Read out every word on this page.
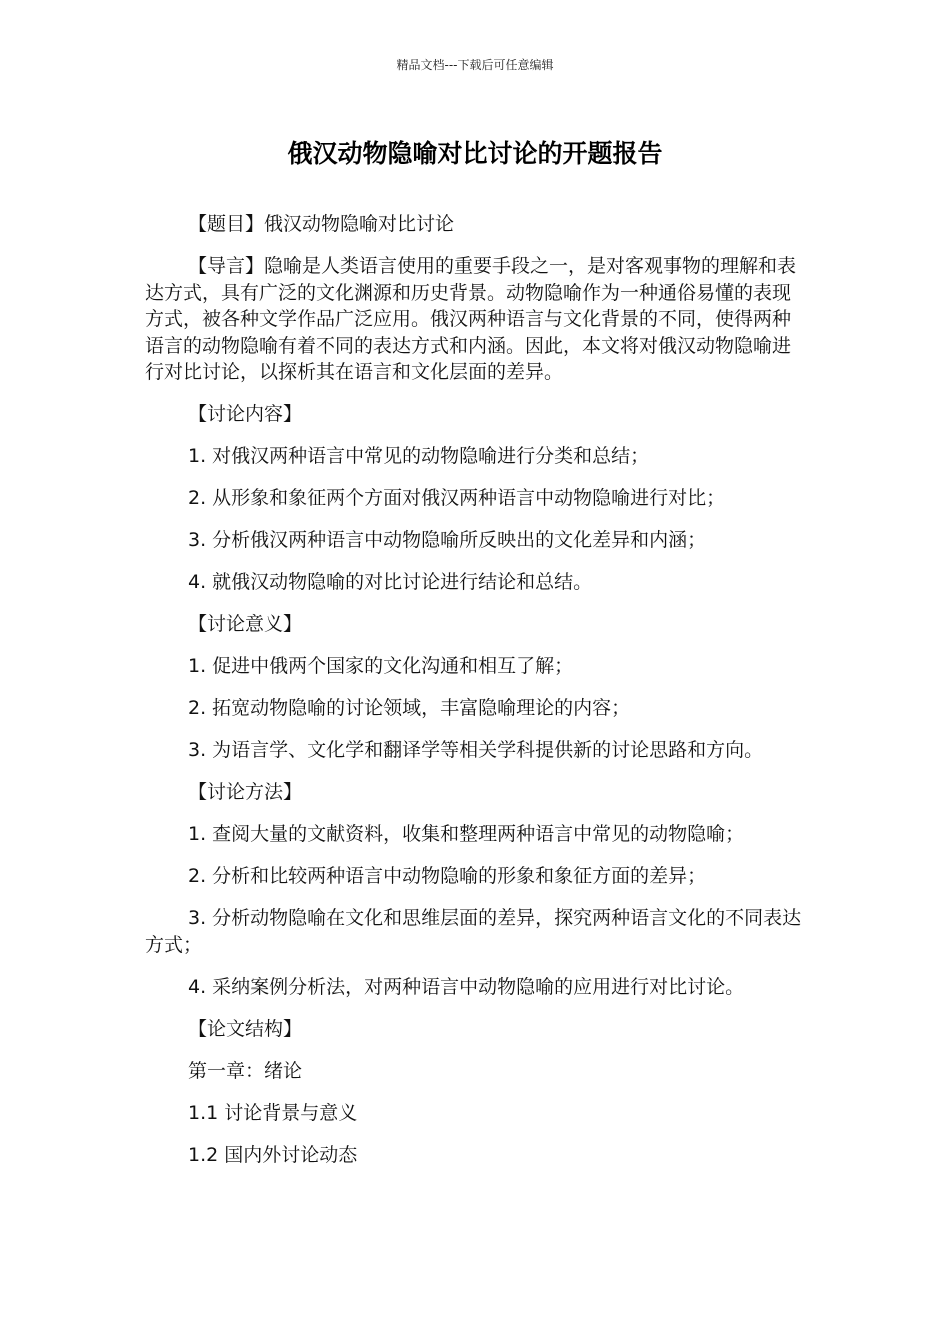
精品文档---下载后可任意编辑
俄汉动物隐喻对比讨论的开题报告

【题目】俄汉动物隐喻对比讨论

【导言】隐喻是人类语言使用的重要手段之一，是对客观事物的理解和表达方式，具有广泛的文化渊源和历史背景。动物隐喻作为一种通俗易懂的表现方式，被各种文学作品广泛应用。俄汉两种语言与文化背景的不同，使得两种语言的动物隐喻有着不同的表达方式和内涵。因此，本文将对俄汉动物隐喻进行对比讨论，以探析其在语言和文化层面的差异。

【讨论内容】

1. 对俄汉两种语言中常见的动物隐喻进行分类和总结；

2. 从形象和象征两个方面对俄汉两种语言中动物隐喻进行对比；

3. 分析俄汉两种语言中动物隐喻所反映出的文化差异和内涵；

4. 就俄汉动物隐喻的对比讨论进行结论和总结。

【讨论意义】

1. 促进中俄两个国家的文化沟通和相互了解；

2. 拓宽动物隐喻的讨论领域，丰富隐喻理论的内容；

3. 为语言学、文化学和翻译学等相关学科提供新的讨论思路和方向。

【讨论方法】

1. 查阅大量的文献资料，收集和整理两种语言中常见的动物隐喻；

2. 分析和比较两种语言中动物隐喻的形象和象征方面的差异；

3. 分析动物隐喻在文化和思维层面的差异，探究两种语言文化的不同表达方式；

4. 采纳案例分析法，对两种语言中动物隐喻的应用进行对比讨论。

【论文结构】

第一章：绪论

1.1 讨论背景与意义

1.2 国内外讨论动态
